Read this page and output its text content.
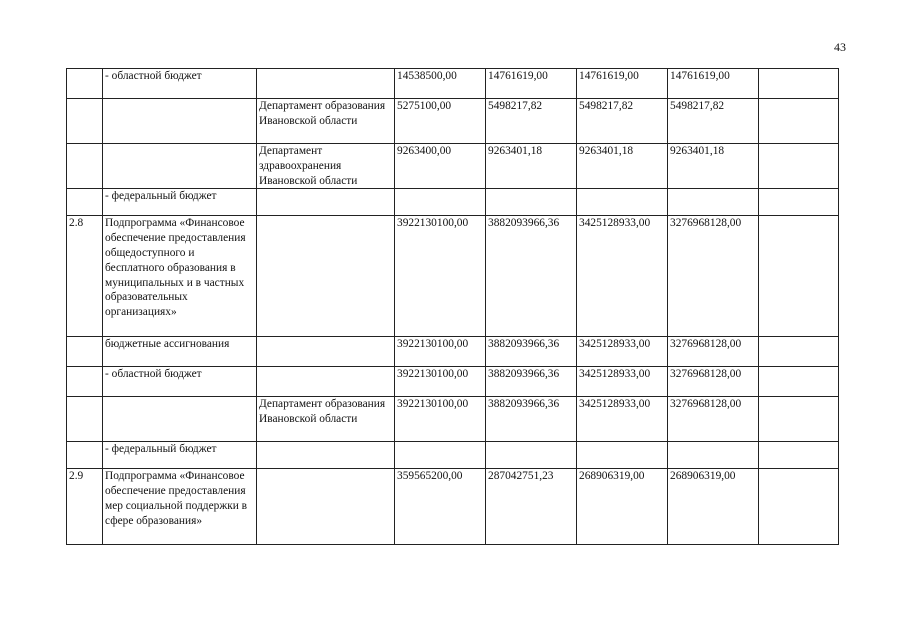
43
	- областной бюджет		14538500,00	14761619,00	14761619,00	14761619,00	
		Департамент образования Ивановской области	5275100,00	5498217,82	5498217,82	5498217,82	
		Департамент здравоохранения Ивановской области	9263400,00	9263401,18	9263401,18	9263401,18	
	- федеральный бюджет						
2.8	Подпрограмма «Финансовое обеспечение предоставления общедоступного и бесплатного образования в муниципальных и в частных образовательных организациях»		3922130100,00	3882093966,36	3425128933,00	3276968128,00	
	бюджетные ассигнования		3922130100,00	3882093966,36	3425128933,00	3276968128,00	
	- областной бюджет		3922130100,00	3882093966,36	3425128933,00	3276968128,00	
		Департамент образования Ивановской области	3922130100,00	3882093966,36	3425128933,00	3276968128,00	
	- федеральный бюджет						
2.9	Подпрограмма «Финансовое обеспечение предоставления мер социальной поддержки в сфере образования»		359565200,00	287042751,23	268906319,00	268906319,00	
